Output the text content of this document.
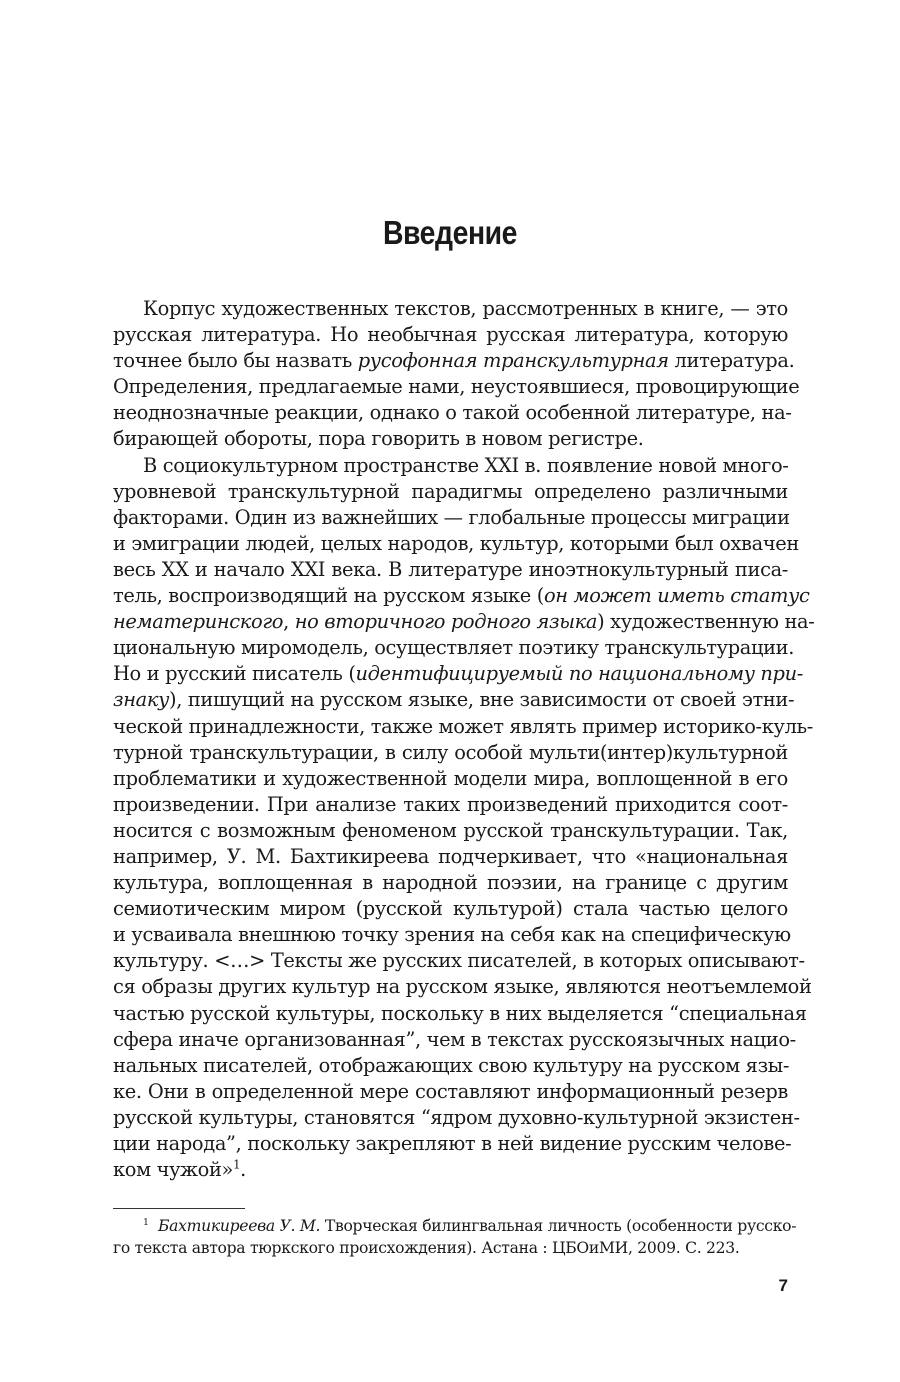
Введение
Корпус художественных текстов, рассмотренных в книге, — это
русская литература. Но необычная русская литература, которую
точнее было бы назвать русофонная транскультурная литература.
Определения, предлагаемые нами, неустоявшиеся, провоцирующие
неоднозначные реакции, однако о такой особенной литературе, на-
бирающей обороты, пора говорить в новом регистре.
В социокультурном пространстве XXI в. появление новой много-
уровневой транскультурной парадигмы определено различными
факторами. Один из важнейших — глобальные процессы миграции
и эмиграции людей, целых народов, культур, которыми был охвачен
весь XX и начало XXI века. В литературе иноэтнокультурный писа-
тель, воспроизводящий на русском языке (он может иметь статус
нематеринского, но вторичного родного языка) художественную на-
циональную миромодель, осуществляет поэтику транскультурации.
Но и русский писатель (идентифицируемый по национальному при-
знаку), пишущий на русском языке, вне зависимости от своей этни-
ческой принадлежности, также может являть пример историко-куль-
турной транскультурации, в силу особой мульти(интер)культурной
проблематики и художественной модели мира, воплощенной в его
произведении. При анализе таких произведений приходится соот-
носится с возможным феноменом русской транскультурации. Так,
например, У. М. Бахтикиреева подчеркивает, что «национальная
культура, воплощенная в народной поэзии, на границе с другим
семиотическим миром (русской культурой) стала частью целого
и усваивала внешнюю точку зрения на себя как на специфическую
культуру. <…> Тексты же русских писателей, в которых описывают-
ся образы других культур на русском языке, являются неотъемлемой
частью русской культуры, поскольку в них выделяется “специальная
сфера иначе организованная”, чем в текстах русскоязычных нацио-
нальных писателей, отображающих свою культуру на русском язы-
ке. Они в определенной мере составляют информационный резерв
русской культуры, становятся “ядром духовно-культурной экзистен-
ции народа”, поскольку закрепляют в ней видение русским челове-
ком чужой»$^1$.
$^1$ Бахтикиреева У. М. Творческая билингвальная личность (особенности русско-
го текста автора тюркского происхождения). Астана : ЦБОиМИ, 2009. С. 223.
7
